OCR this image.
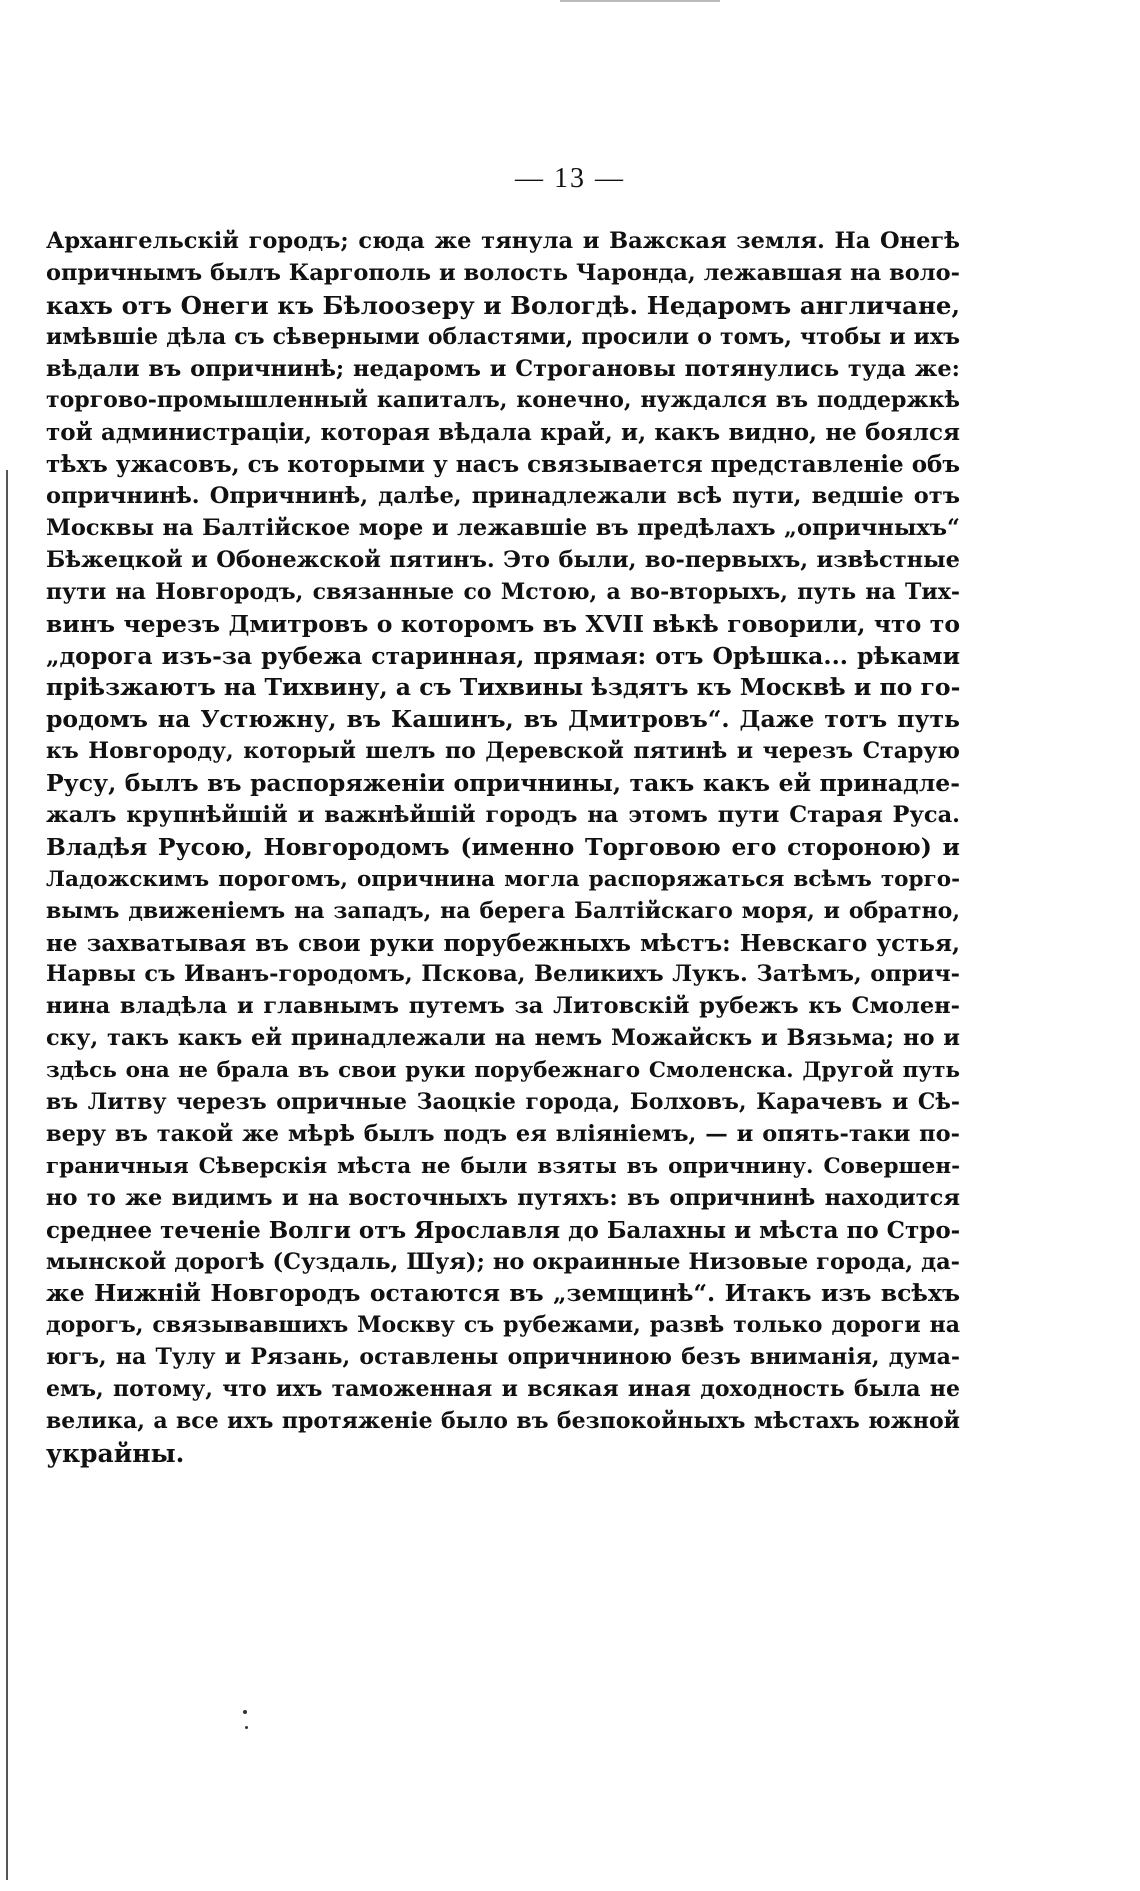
— 13 —
Архангельскій городъ; сюда же тянула и Важская земля. На Онегѣ
опричнымъ былъ Каргополь и волость Чаронда, лежавшая на воло-
кахъ отъ Онеги къ Бѣлоозеру и Вологдѣ. Недаромъ англичане,
имѣвшіе дѣла съ сѣверными областями, просили о томъ, чтобы и ихъ
вѣдали въ опричнинѣ; недаромъ и Строгановы потянулись туда же:
торгово-промышленный капиталъ, конечно, нуждался въ поддержкѣ
той администраціи, которая вѣдала край, и, какъ видно, не боялся
тѣхъ ужасовъ, съ которыми у насъ связывается представленіе объ
опричнинѣ. Опричнинѣ, далѣе, принадлежали всѣ пути, ведшіе отъ
Москвы на Балтійское море и лежавшіе въ предѣлахъ „опричныхъ“
Бѣжецкой и Обонежской пятинъ. Это были, во-первыхъ, извѣстные
пути на Новгородъ, связанные со Мстою, а во-вторыхъ, путь на Тих-
винъ черезъ Дмитровъ о которомъ въ XVII вѣкѣ говорили, что то
„дорога изъ-за рубежа старинная, прямая: отъ Орѣшка... рѣками
пріѣзжаютъ на Тихвину, а съ Тихвины ѣздятъ къ Москвѣ и по го-
родомъ на Устюжну, въ Кашинъ, въ Дмитровъ“. Даже тотъ путь
къ Новгороду, который шелъ по Деревской пятинѣ и черезъ Старую
Русу, былъ въ распоряженіи опричнины, такъ какъ ей принадле-
жалъ крупнѣйшій и важнѣйшій городъ на этомъ пути Старая Руса.
Владѣя Русою, Новгородомъ (именно Торговою его стороною) и
Ладожскимъ порогомъ, опричнина могла распоряжаться всѣмъ торго-
вымъ движеніемъ на западъ, на берега Балтійскаго моря, и обратно,
не захватывая въ свои руки порубежныхъ мѣстъ: Невскаго устья,
Нарвы съ Иванъ-городомъ, Пскова, Великихъ Лукъ. Затѣмъ, оприч-
нина владѣла и главнымъ путемъ за Литовскій рубежъ къ Смолен-
ску, такъ какъ ей принадлежали на немъ Можайскъ и Вязьма; но и
здѣсь она не брала въ свои руки порубежнаго Смоленска. Другой путь
въ Литву черезъ опричные Заоцкіе города, Болховъ, Карачевъ и Сѣ-
веру въ такой же мѣрѣ былъ подъ ея вліяніемъ, — и опять-таки по-
граничныя Сѣверскія мѣста не были взяты въ опричнину. Совершен-
но то же видимъ и на восточныхъ путяхъ: въ опричнинѣ находится
среднее теченіе Волги отъ Ярославля до Балахны и мѣста по Стро-
мынской дорогѣ (Суздаль, Шуя); но окраинные Низовые города, да-
же Нижній Новгородъ остаются въ „земщинѣ“. Итакъ изъ всѣхъ
дорогъ, связывавшихъ Москву съ рубежами, развѣ только дороги на
югъ, на Тулу и Рязань, оставлены опричниною безъ вниманія, дума-
емъ, потому, что ихъ таможенная и всякая иная доходность была не
велика, а все ихъ протяженіе было въ безпокойныхъ мѣстахъ южной
украйны.
